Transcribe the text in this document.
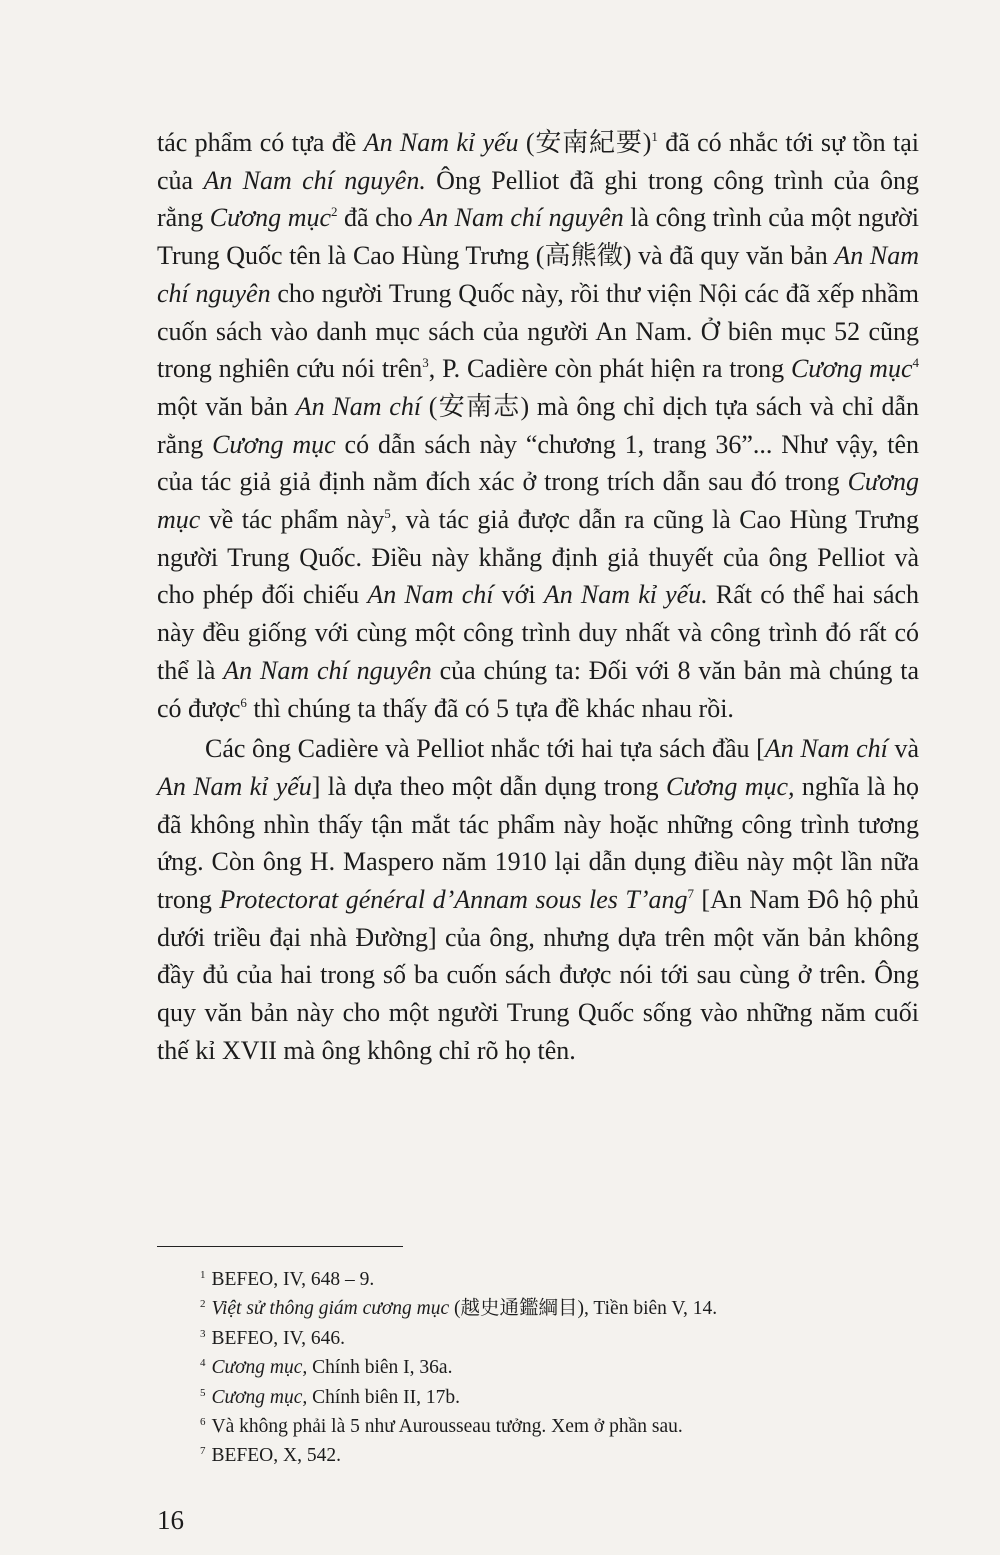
tác phẩm có tựa đề An Nam kỉ yếu (安南紀要)$^1$ đã có nhắc tới sự tồn tại của An Nam chí nguyên. Ông Pelliot đã ghi trong công trình của ông rằng Cương mục$^2$ đã cho An Nam chí nguyên là công trình của một người Trung Quốc tên là Cao Hùng Trưng (高熊徵) và đã quy văn bản An Nam chí nguyên cho người Trung Quốc này, rồi thư viện Nội các đã xếp nhầm cuốn sách vào danh mục sách của người An Nam. Ở biên mục 52 cũng trong nghiên cứu nói trên$^3$, P. Cadière còn phát hiện ra trong Cương mục$^4$ một văn bản An Nam chí (安南志) mà ông chỉ dịch tựa sách và chỉ dẫn rằng Cương mục có dẫn sách này “chương 1, trang 36”... Như vậy, tên của tác giả giả định nằm đích xác ở trong trích dẫn sau đó trong Cương mục về tác phẩm này$^5$, và tác giả được dẫn ra cũng là Cao Hùng Trưng người Trung Quốc. Điều này khẳng định giả thuyết của ông Pelliot và cho phép đối chiếu An Nam chí với An Nam kỉ yếu. Rất có thể hai sách này đều giống với cùng một công trình duy nhất và công trình đó rất có thể là An Nam chí nguyên của chúng ta: Đối với 8 văn bản mà chúng ta có được$^6$ thì chúng ta thấy đã có 5 tựa đề khác nhau rồi.

Các ông Cadière và Pelliot nhắc tới hai tựa sách đầu [An Nam chí và An Nam kỉ yếu] là dựa theo một dẫn dụng trong Cương mục, nghĩa là họ đã không nhìn thấy tận mắt tác phẩm này hoặc những công trình tương ứng. Còn ông H. Maspero năm 1910 lại dẫn dụng điều này một lần nữa trong Protectorat général d’Annam sous les T’ang$^7$ [An Nam Đô hộ phủ dưới triều đại nhà Đường] của ông, nhưng dựa trên một văn bản không đầy đủ của hai trong số ba cuốn sách được nói tới sau cùng ở trên. Ông quy văn bản này cho một người Trung Quốc sống vào những năm cuối thế kỉ XVII mà ông không chỉ rõ họ tên.

$^1$ BEFEO, IV, 648 – 9.
$^2$ Việt sử thông giám cương mục (越史通鑑綱目), Tiền biên V, 14.
$^3$ BEFEO, IV, 646.
$^4$ Cương mục, Chính biên I, 36a.
$^5$ Cương mục, Chính biên II, 17b.
$^6$ Và không phải là 5 như Aurousseau tưởng. Xem ở phần sau.
$^7$ BEFEO, X, 542.
16
